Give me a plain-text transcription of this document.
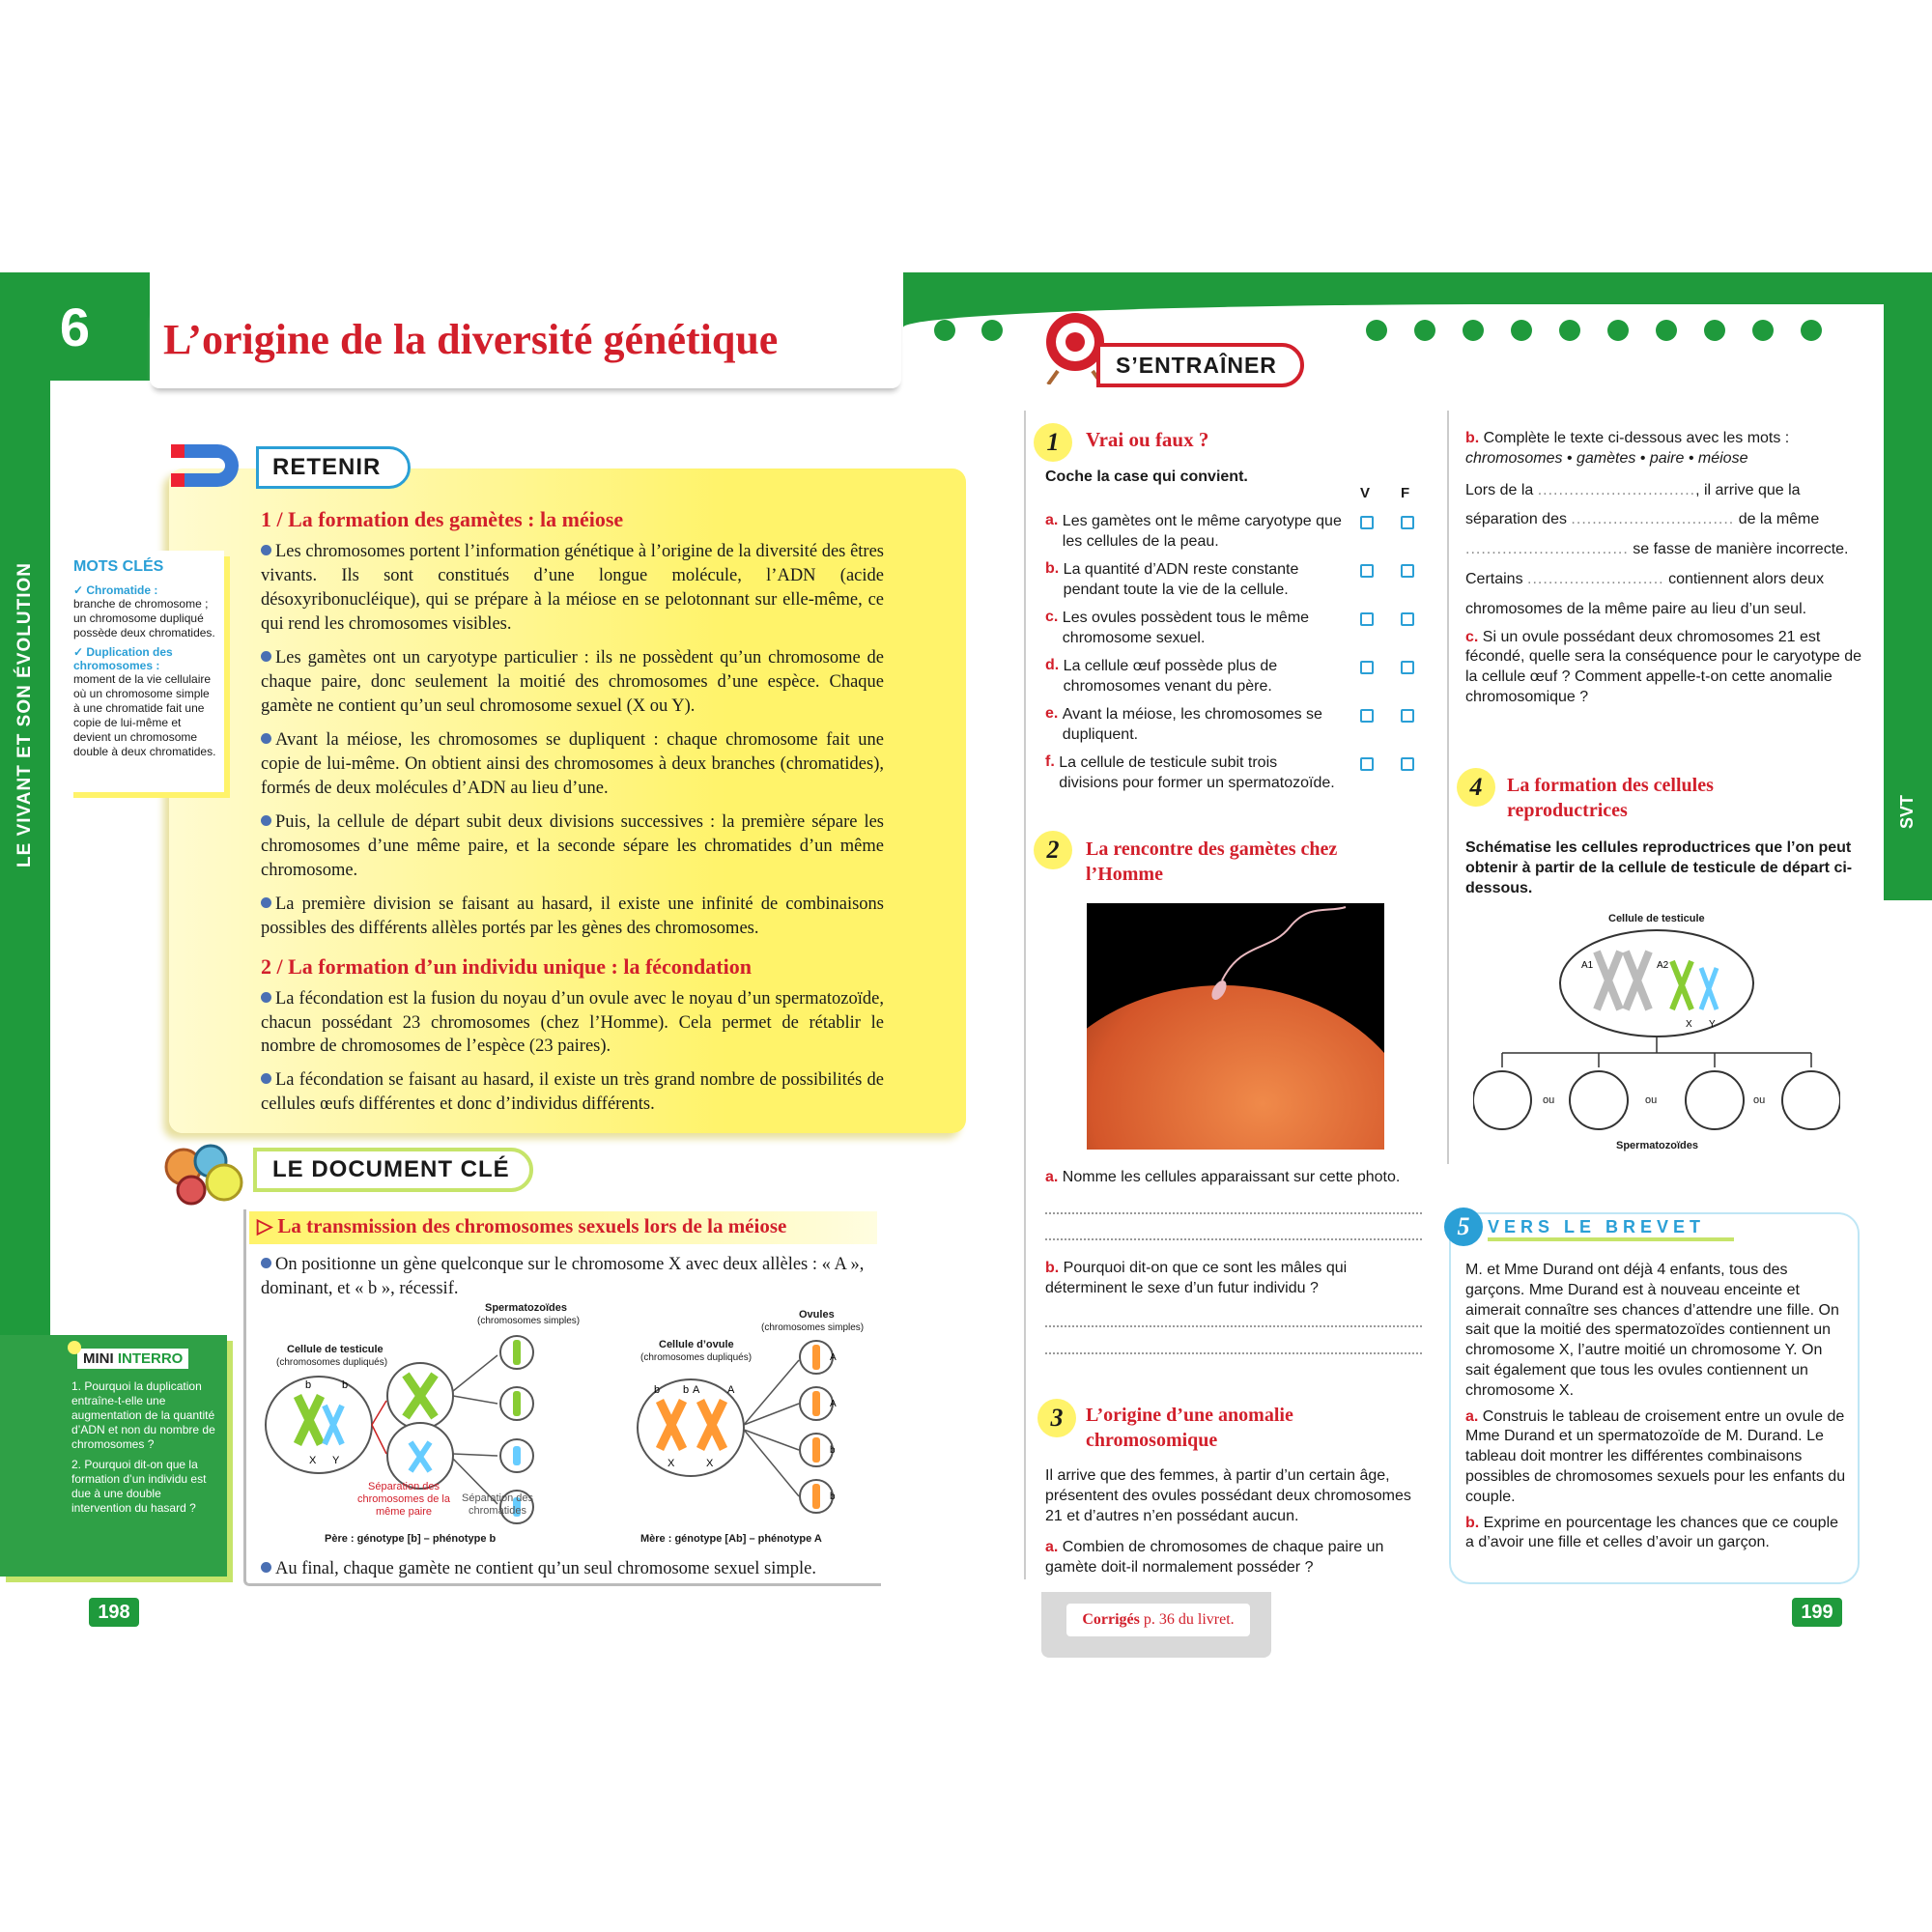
LE VIVANT ET SON ÉVOLUTION
6 L’origine de la diversité génétique
RETENIR
1 / La formation des gamètes : la méiose

Les chromosomes portent l’information génétique à l’origine de la diversité des êtres vivants. Ils sont constitués d’une longue molécule, l’ADN (acide désoxyribonucléique), qui se prépare à la méiose en se pelotonnant sur elle-même, ce qui rend les chromosomes visibles.

Les gamètes ont un caryotype particulier : ils ne possèdent qu’un chromosome de chaque paire, donc seulement la moitié des chromosomes d’une espèce. Chaque gamète ne contient qu’un seul chromosome sexuel (X ou Y).

Avant la méiose, les chromosomes se dupliquent : chaque chromosome fait une copie de lui-même. On obtient ainsi des chromosomes à deux branches (chromatides), formés de deux molécules d’ADN au lieu d’une.

Puis, la cellule de départ subit deux divisions successives : la première sépare les chromosomes d’une même paire, et la seconde sépare les chromatides d’un même chromosome.

La première division se faisant au hasard, il existe une infinité de combinaisons possibles des différents allèles portés par les gènes des chromosomes.

2 / La formation d’un individu unique : la fécondation

La fécondation est la fusion du noyau d’un ovule avec le noyau d’un spermatozoïde, chacun possédant 23 chromosomes (chez l’Homme). Cela permet de rétablir le nombre de chromosomes de l’espèce (23 paires).

La fécondation se faisant au hasard, il existe un très grand nombre de possibilités de cellules œufs différentes et donc d’individus différents.

MOTS CLÉS
✓ Chromatide :
branche de chromosome ; un chromosome dupliqué possède deux chromatides.
✓ Duplication des chromosomes :
moment de la vie cellulaire où un chromosome simple à une chromatide fait une copie de lui-même et devient un chromosome double à deux chromatides.
LE DOCUMENT CLÉ
▷ La transmission des chromosomes sexuels lors de la méiose

On positionne un gène quelconque sur le chromosome X avec deux allèles : « A », dominant, et « b », récessif.

Spermatozoïdes
(chromosomes simples)
Cellule de testicule
(chromosomes dupliqués)
b	b
X Y
Séparation des chromosomes de la même paire
Séparation des chromatides
Père : génotype [b] – phénotype b
Ovules
(chromosomes simples)
Cellule d’ovule
(chromosomes dupliqués)
b b A	A
X	X
A
A
b
b
Mère : génotype [Ab] – phénotype A

Au final, chaque gamète ne contient qu’un seul chromosome sexuel simple.

MINI INTERRO
1. Pourquoi la duplication entraîne-t-elle une augmentation de la quantité d’ADN et non du nombre de chromosomes ?
2. Pourquoi dit-on que la formation d’un individu est due à une double intervention du hasard ?
198
SVT
S’ENTRAÎNER
1 Vrai ou faux ?
Coche la case qui convient.
V F
a. Les gamètes ont le même caryotype que les cellules de la peau.
b. La quantité d’ADN reste constante pendant toute la vie de la cellule.
c. Les ovules possèdent tous le même chromosome sexuel.
d. La cellule œuf possède plus de chromosomes venant du père.
e. Avant la méiose, les chromosomes se dupliquent.
f. La cellule de testicule subit trois divisions pour former un spermatozoïde.
2 La rencontre des gamètes chez l’Homme
a. Nomme les cellules apparaissant sur cette photo.
b. Pourquoi dit-on que ce sont les mâles qui déterminent le sexe d’un futur individu ?
3 L’origine d’une anomalie chromosomique
Il arrive que des femmes, à partir d’un certain âge, présentent des ovules possédant deux chromosomes 21 et d’autres n’en possédant aucun.
a. Combien de chromosomes de chaque paire un gamète doit-il normalement posséder ?
b. Complète le texte ci-dessous avec les mots :
chromosomes • gamètes • paire • méiose
Lors de la .............................., il arrive que la
séparation des ............................... de la même
............................... se fasse de manière incorrecte.
Certains .......................... contiennent alors deux
chromosomes de la même paire au lieu d’un seul.
c. Si un ovule possédant deux chromosomes 21 est fécondé, quelle sera la conséquence pour le caryotype de la cellule œuf ? Comment appelle-t-on cette anomalie chromosomique ?
4 La formation des cellules reproductrices
Schématise les cellules reproductrices que l’on peut obtenir à partir de la cellule de testicule de départ ci-dessous.
Cellule de testicule
A1	A2
X Y
ou	ou	ou
Spermatozoïdes
5 VERS LE BREVET
M. et Mme Durand ont déjà 4 enfants, tous des garçons. Mme Durand est à nouveau enceinte et aimerait connaître ses chances d’attendre une fille. On sait que la moitié des spermatozoïdes contiennent un chromosome X, l’autre moitié un chromosome Y. On sait également que tous les ovules contiennent un chromosome X.
a. Construis le tableau de croisement entre un ovule de Mme Durand et un spermatozoïde de M. Durand. Le tableau doit montrer les différentes combinaisons possibles de chromosomes sexuels pour les enfants du couple.
b. Exprime en pourcentage les chances que ce couple a d’avoir une fille et celles d’avoir un garçon.
Corrigés
p. 36 du livret.	199
